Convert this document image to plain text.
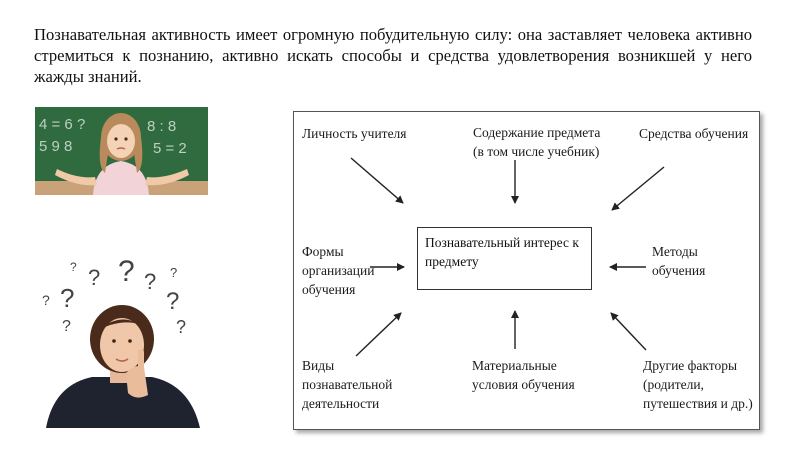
Познавательная активность имеет огромную побудительную силу: она заставляет человека активно стремиться к познанию, активно искать способы и средства удовлетворения возникшей у него жажды знаний.

4 = 6 ?
5 9 8
8 : 8
5 = 2
? ? ? ? ?
? ?	?
?	?
Познавательный интерес к
предмету

Личность учителя	Содержание предмета
(в том числе учебник)

Средства обучения

Формы
организации
обучения

Методы
обучения

Виды
познавательной
деятельности

Материальные
условия обучения

Другие факторы
(родители,
путешествия и др.)
